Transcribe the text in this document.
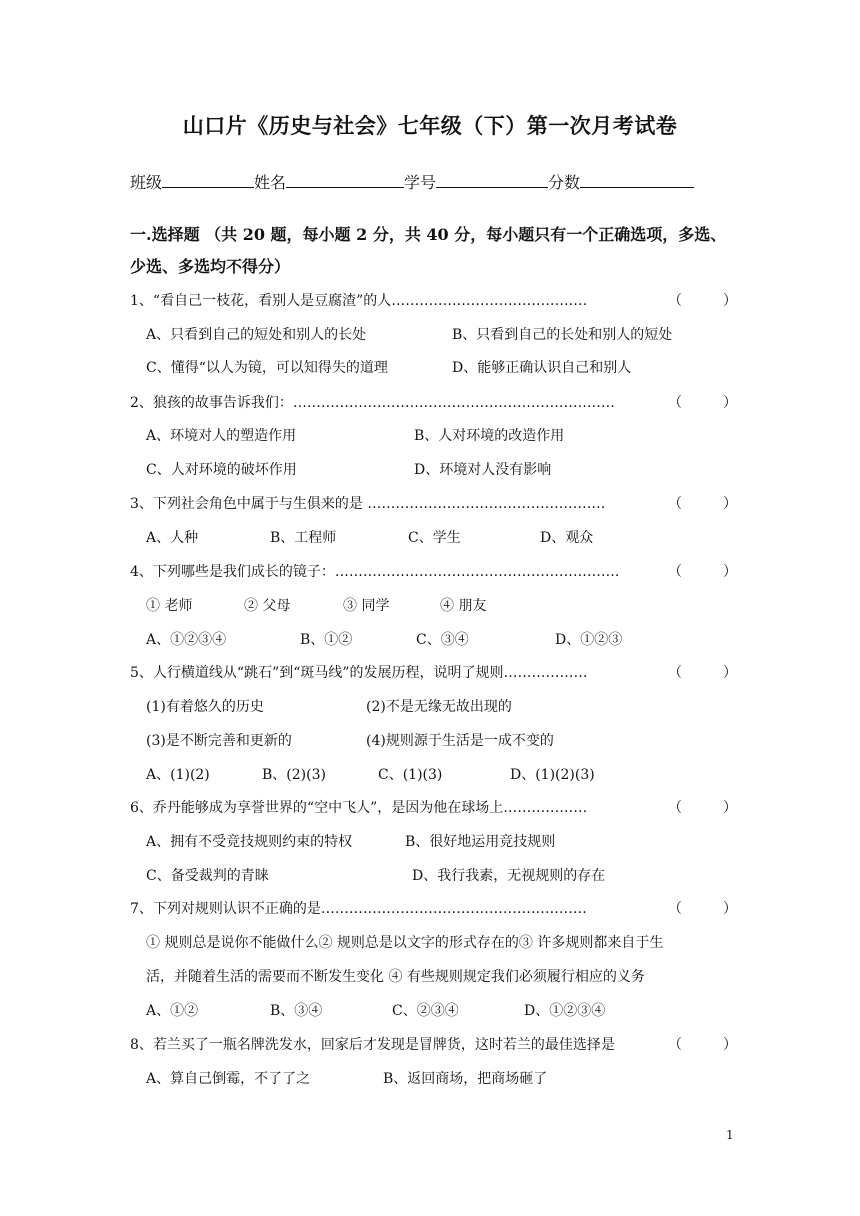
山口片《历史与社会》七年级（下）第一次月考试卷
班级	姓名	学号	分数
一.选择题 （共 20 题，每小题 2 分，共 40 分，每小题只有一个正确选项，多选、
少选、多选均不得分）
1、“看自己一枝花，看别人是豆腐渣”的人……………………………………	（	）
A、只看到自己的短处和别人的长处	B、只看到自己的长处和别人的短处
C、懂得“以人为镜，可以知得失的道理	D、能够正确认识自己和别人
2、狼孩的故事告诉我们：……………………………………………………………	（	）
A、环境对人的塑造作用	B、人对环境的改造作用
C、人对环境的破坏作用	D、环境对人没有影响
3、下列社会角色中属于与生俱来的是 ……………………………………………	（	）
A、人种	B、工程师	C、学生	D、观众
4、下列哪些是我们成长的镜子：…………………………………………………….	（	）
① 老师	② 父母	③ 同学	④ 朋友
A、①②③④	B、①②	C、③④	D、①②③
5、人行横道线从“跳石”到“斑马线”的发展历程，说明了规则………………	（	）
(1)有着悠久的历史	(2)不是无缘无故出现的
(3)是不断完善和更新的	(4)规则源于生活是一成不变的
A、(1)(2)	B、(2)(3)	C、(1)(3)	D、(1)(2)(3)
6、乔丹能够成为享誉世界的“空中飞人”，是因为他在球场上………………	（	）
A、拥有不受竞技规则约束的特权	B、很好地运用竞技规则
C、备受裁判的青睐	D、我行我素，无视规则的存在
7、下列对规则认识不正确的是…………………………………………………	（	）
① 规则总是说你不能做什么② 规则总是以文字的形式存在的③ 许多规则都来自于生
活，并随着生活的需要而不断发生变化 ④ 有些规则规定我们必须履行相应的义务
A、①②	B、③④	C、②③④	D、①②③④
8、若兰买了一瓶名牌洗发水，回家后才发现是冒牌货，这时若兰的最佳选择是	（	）
A、算自己倒霉，不了了之	B、返回商场，把商场砸了
1
